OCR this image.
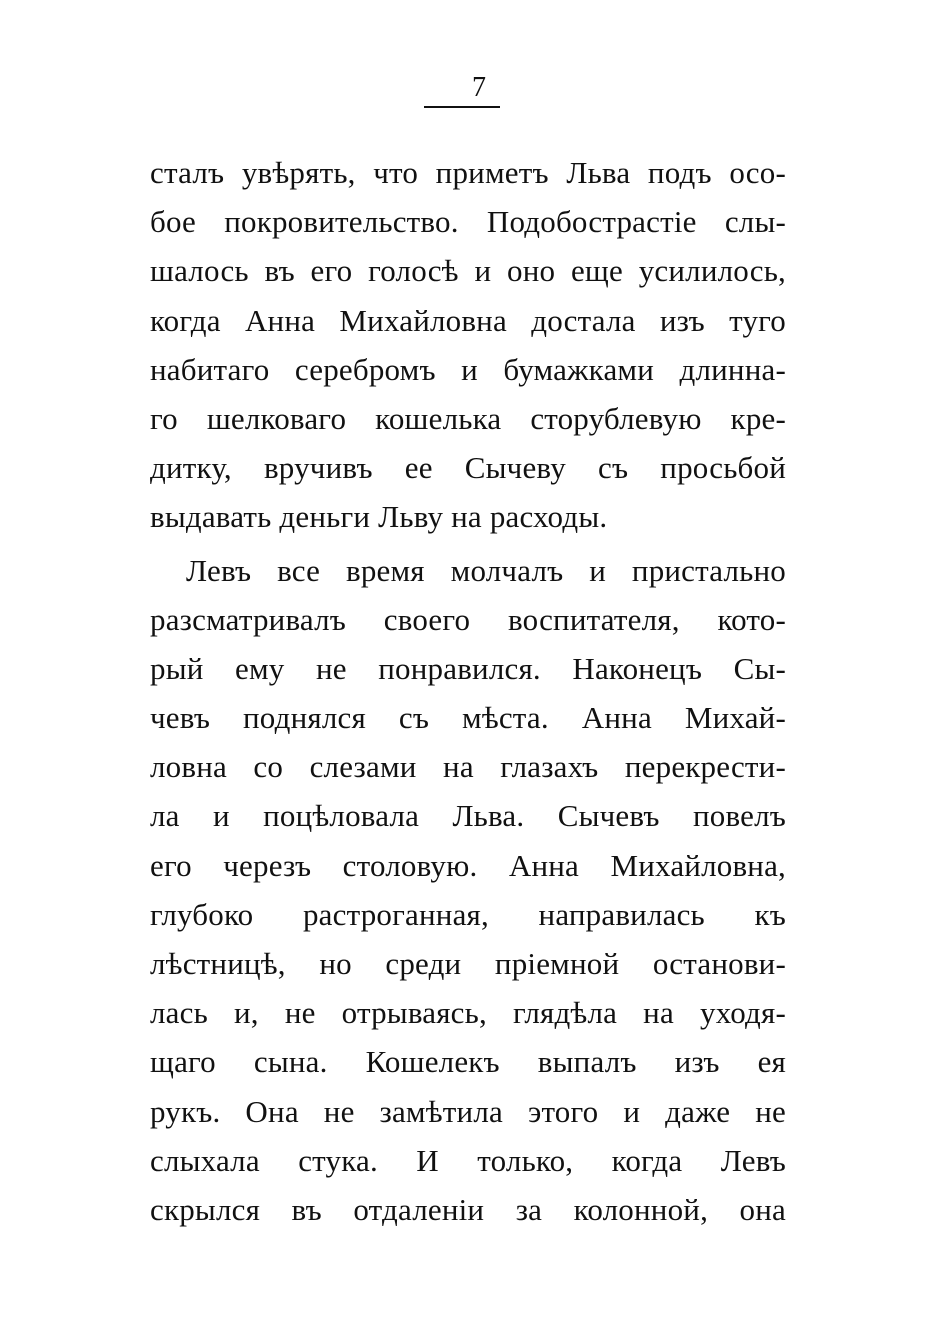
7
сталъ увѣрять, что приметъ Льва подъ осо-
бое покровительство. Подобострастіе слы-
шалось въ его голосѣ и оно еще усилилось,
когда Анна Михайловна достала изъ туго
набитаго серебромъ и бумажками длинна-
го шелковаго кошелька сторублевую кре-
дитку, вручивъ ее Сычеву съ просьбой
выдавать деньги Льву на расходы.
Левъ все время молчалъ и пристально
разсматривалъ своего воспитателя, кото-
рый ему не понравился. Наконецъ Сы-
чевъ поднялся съ мѣста. Анна Михай-
ловна со слезами на глазахъ перекрести-
ла и поцѣловала Льва. Сычевъ повелъ
его черезъ столовую. Анна Михайловна,
глубоко растроганная, направилась къ
лѣстницѣ, но среди пріемной останови-
лась и, не отрываясь, глядѣла на уходя-
щаго сына. Кошелекъ выпалъ изъ ея
рукъ. Она не замѣтила этого и даже не
слыхала стука. И только, когда Левъ
скрылся въ отдаленіи за колонной, она
